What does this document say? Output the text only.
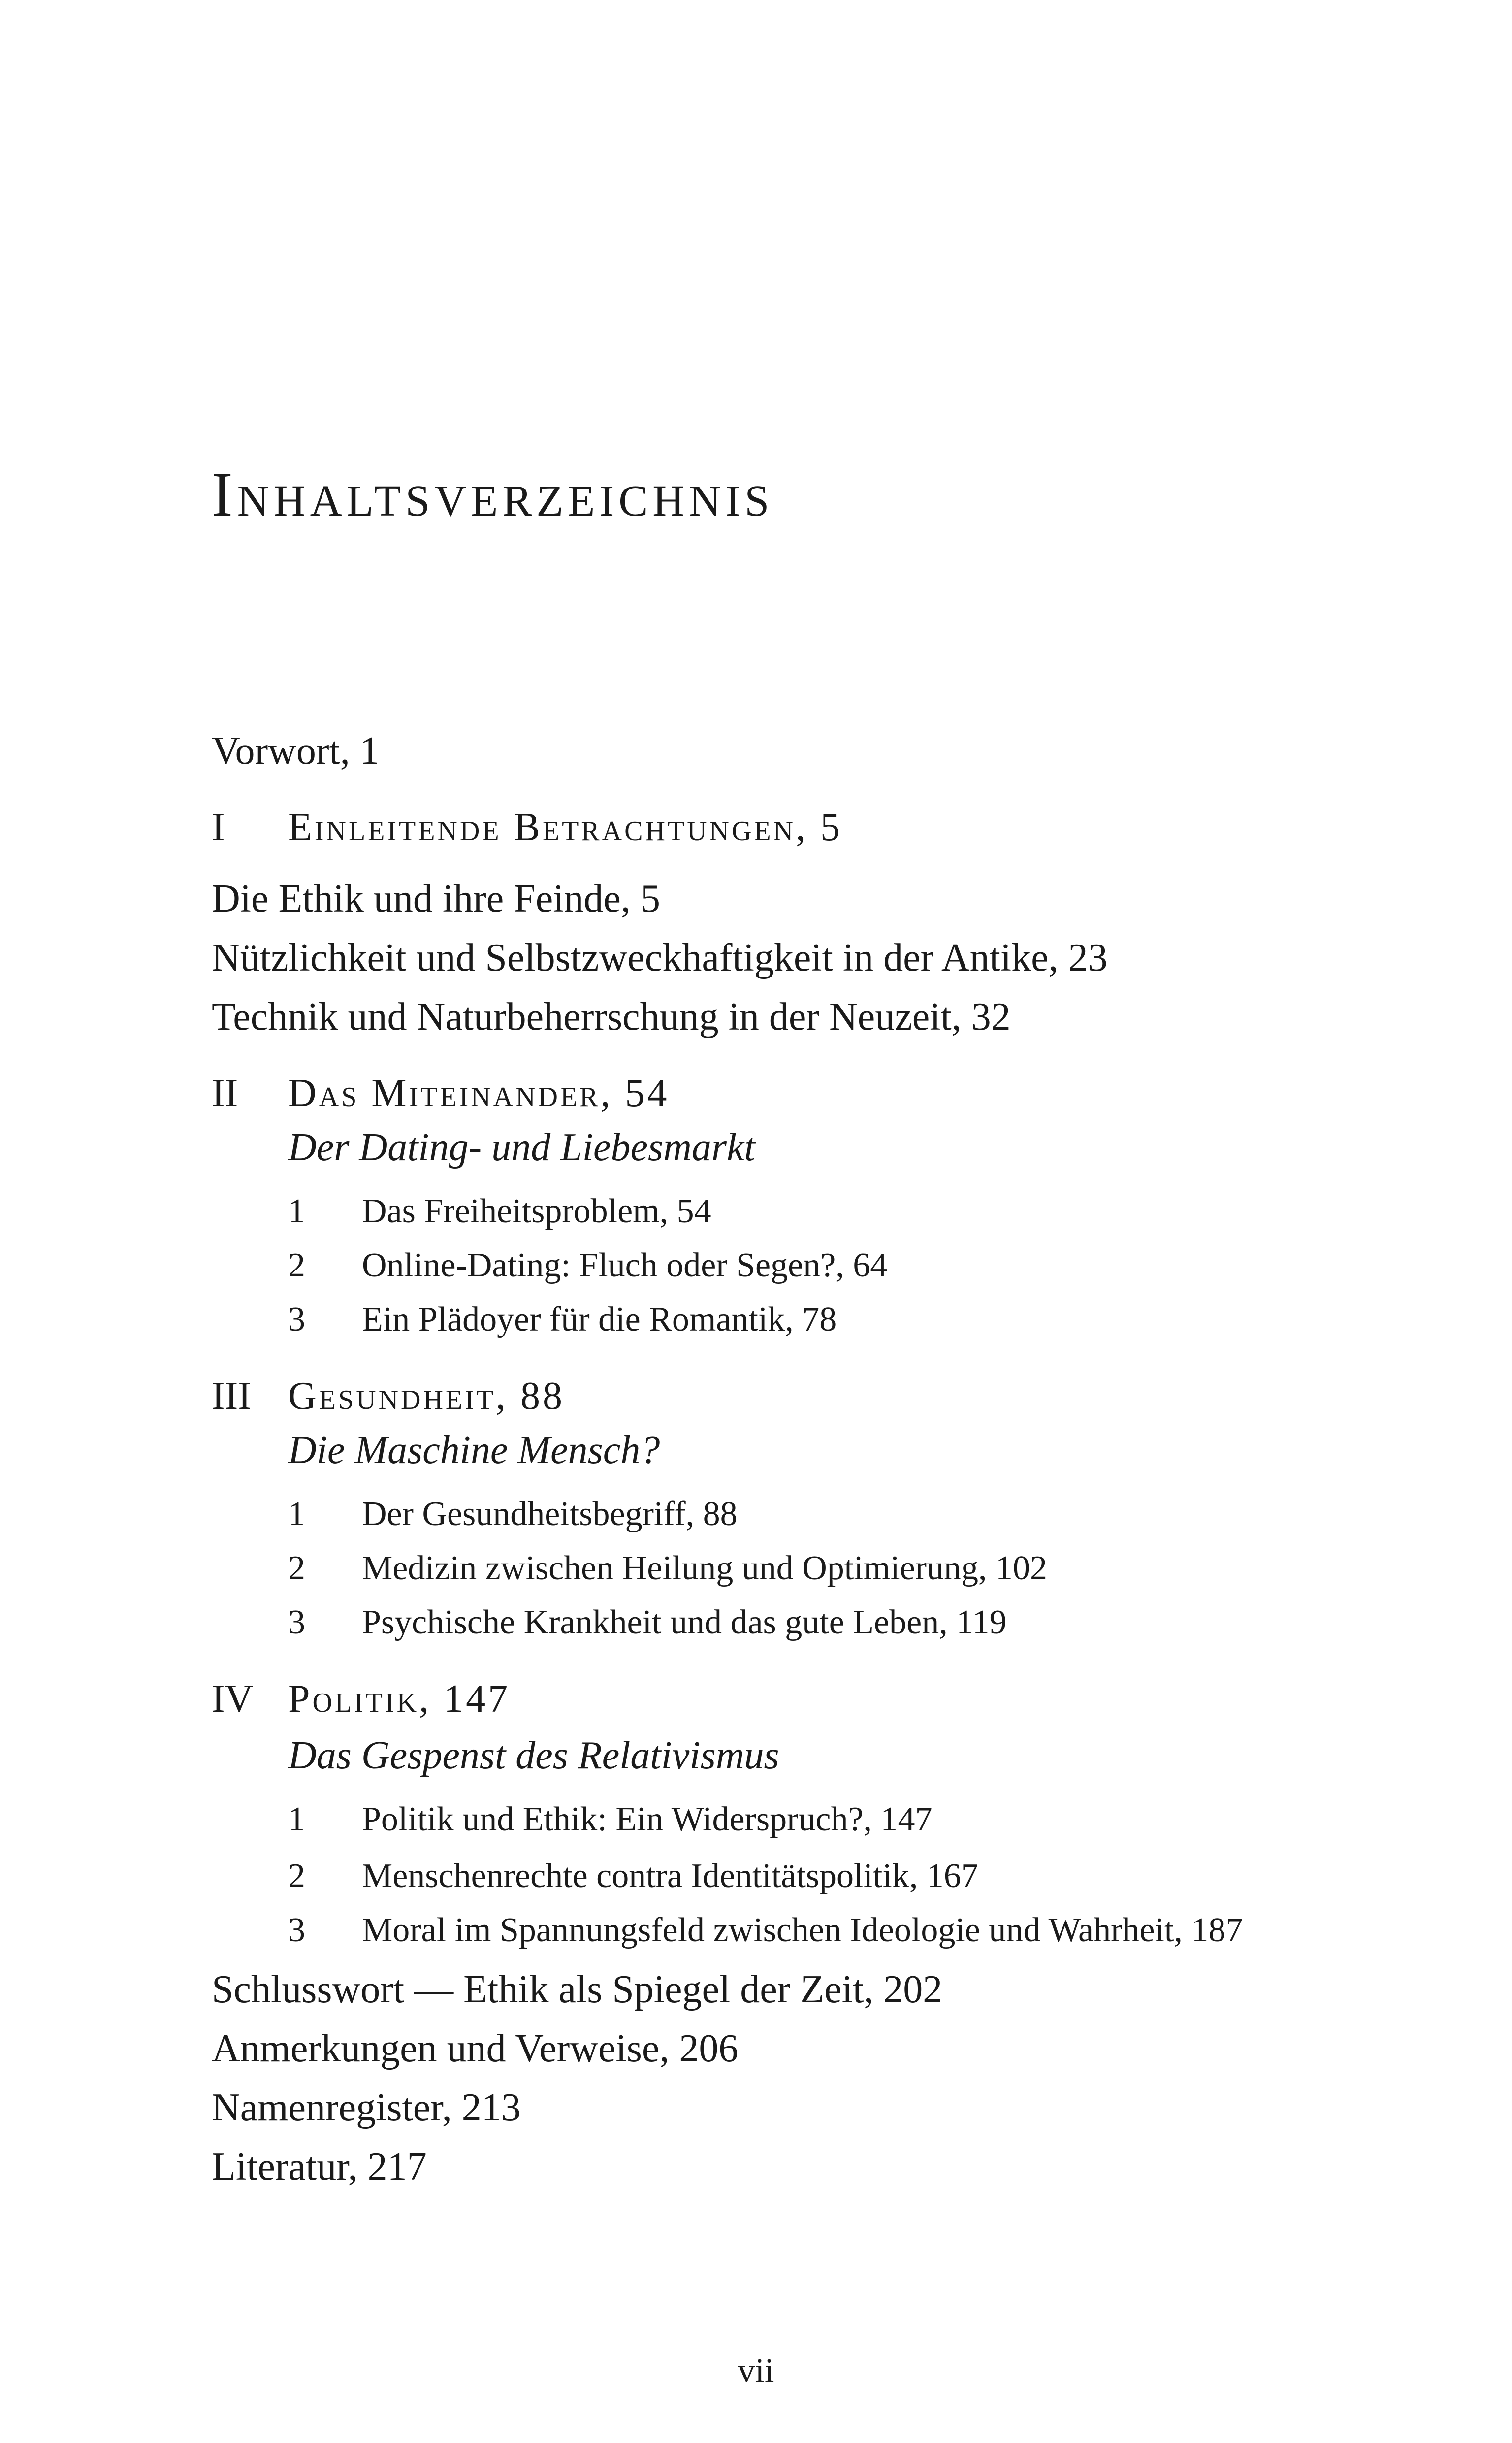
Inhaltsverzeichnis

Vorwort, 1

I Einleitende Betrachtungen, 5

Die Ethik und ihre Feinde, 5

Nützlichkeit und Selbstzweckhaftigkeit in der Antike, 23

Technik und Naturbeherrschung in der Neuzeit, 32

II Das Miteinander, 54

Der Dating- und Liebesmarkt

1 Das Freiheitsproblem, 54
2 Online-Dating: Fluch oder Segen?, 64
3 Ein Plädoyer für die Romantik, 78
III Gesundheit, 88

Die Maschine Mensch?

1 Der Gesundheitsbegriff, 88
2 Medizin zwischen Heilung und Optimierung, 102
3 Psychische Krankheit und das gute Leben, 119
IV Politik, 147

Das Gespenst des Relativismus

1 Politik und Ethik: Ein Widerspruch?, 147
2 Menschenrechte contra Identitätspolitik, 167
3 Moral im Spannungsfeld zwischen Ideologie und Wahrheit, 187

Schlusswort — Ethik als Spiegel der Zeit, 202

Anmerkungen und Verweise, 206

Namenregister, 213

Literatur, 217

vii
